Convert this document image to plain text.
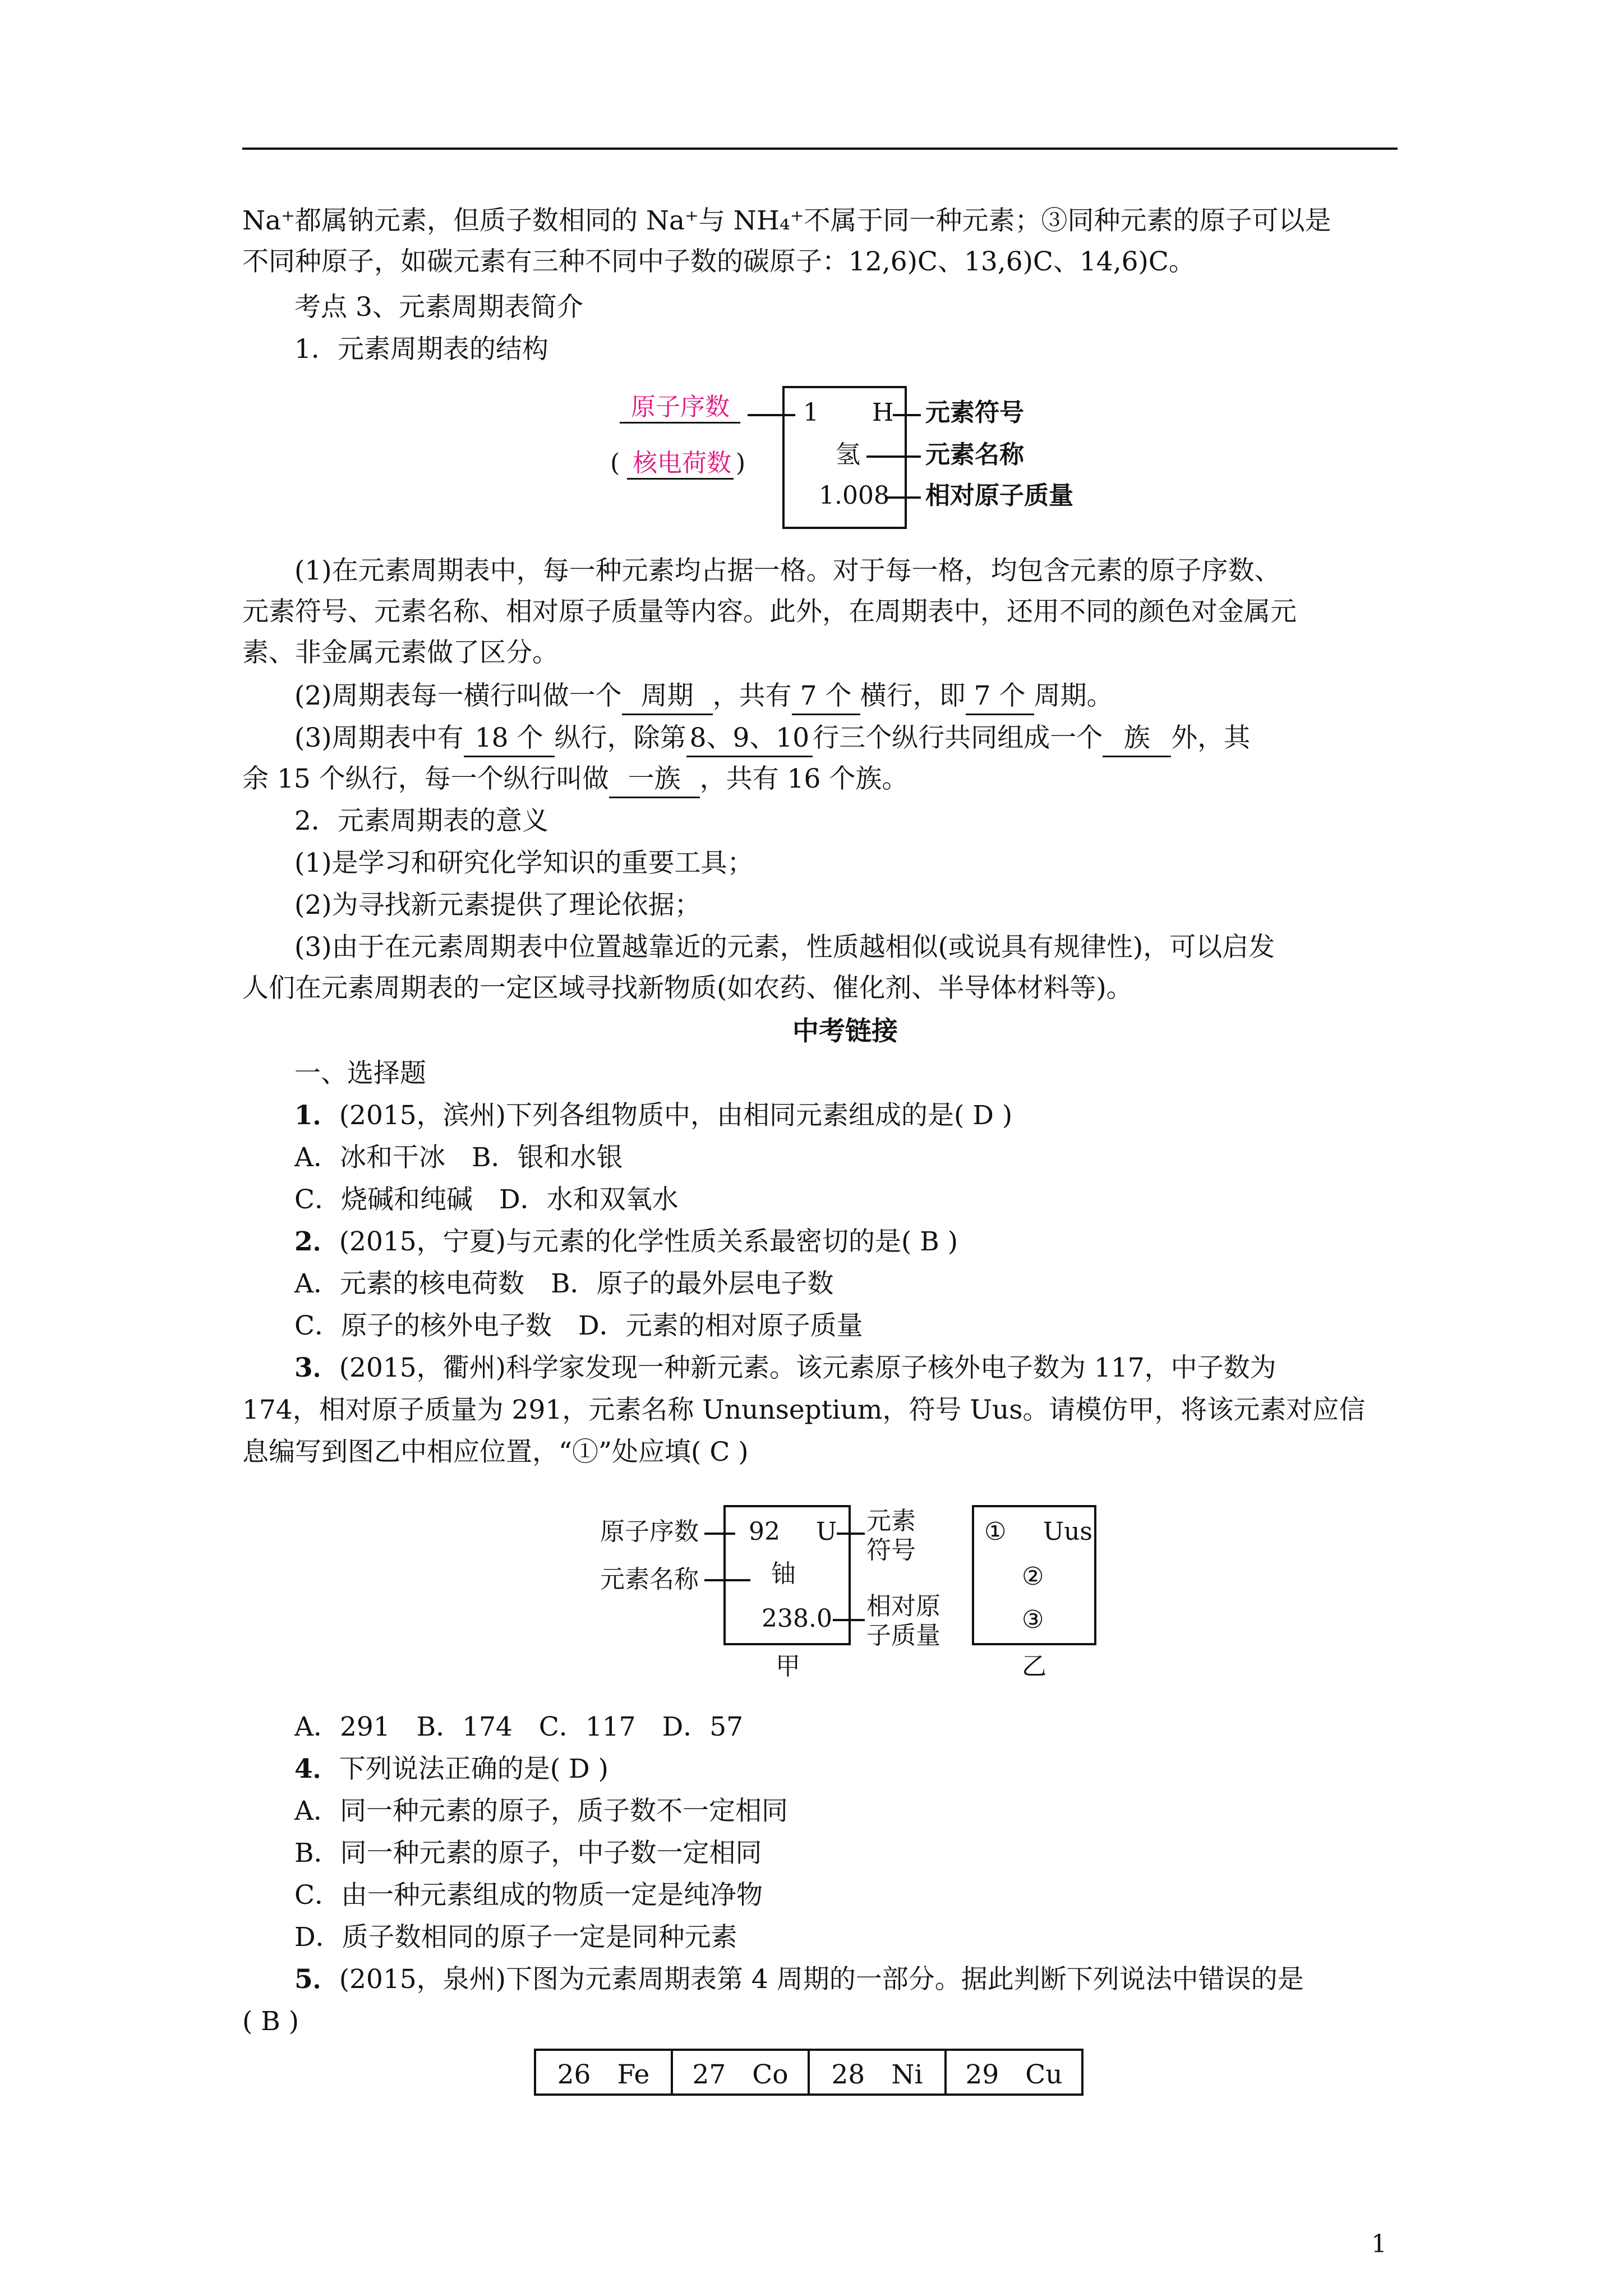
Na⁺都属钠元素，但质子数相同的 Na⁺与 NH₄⁺不属于同一种元素；③同种元素的原子可以是
不同种原子，如碳元素有三种不同中子数的碳原子：12,6)C、13,6)C、14,6)C。
考点 3、元素周期表简介
1．元素周期表的结构
原子序数
( 核电荷数 )
1 H
氢
1.008
元素符号
元素名称
相对原子质量
(1)在元素周期表中，每一种元素均占据一格。对于每一格，均包含元素的原子序数、
元素符号、元素名称、相对原子质量等内容。此外，在周期表中，还用不同的颜色对金属元
素、非金属元素做了区分。
(2)周期表每一横行叫做一个 周期 ，共有 7 个 横行，即 7 个 周期。
(3)周期表中有 18 个 纵行，除第 8、9、10 行三个纵行共同组成一个 族 外，其
余 15 个纵行，每一个纵行叫做 一族 ，共有 16 个族。
2．元素周期表的意义
(1)是学习和研究化学知识的重要工具；
(2)为寻找新元素提供了理论依据；
(3)由于在元素周期表中位置越靠近的元素，性质越相似(或说具有规律性)，可以启发
人们在元素周期表的一定区域寻找新物质(如农药、催化剂、半导体材料等)。
中考链接
一、选择题
1．(2015，滨州)下列各组物质中，由相同元素组成的是( D )
A．冰和干冰　B．银和水银
C．烧碱和纯碱　D．水和双氧水
2．(2015，宁夏)与元素的化学性质关系最密切的是( B )
A．元素的核电荷数　B．原子的最外层电子数
C．原子的核外电子数　D．元素的相对原子质量
3．(2015，衢州)科学家发现一种新元素。该元素原子核外电子数为 117，中子数为
174，相对原子质量为 291，元素名称 Ununseptium，符号 Uus。请模仿甲，将该元素对应信
息编写到图乙中相应位置，“①”处应填( C )
原子序数
元素名称
92 U
铀
238.0
元素
符号
相对原
子质量
甲
① Uus
②
③
乙
A．291　B．174　C．117　D．57
4．下列说法正确的是( D )
A．同一种元素的原子，质子数不一定相同
B．同一种元素的原子，中子数一定相同
C．由一种元素组成的物质一定是纯净物
D．质子数相同的原子一定是同种元素
5．(2015，泉州)下图为元素周期表第 4 周期的一部分。据此判断下列说法中错误的是
( B )
26　Fe	27　Co	28　Ni	29　Cu
1
